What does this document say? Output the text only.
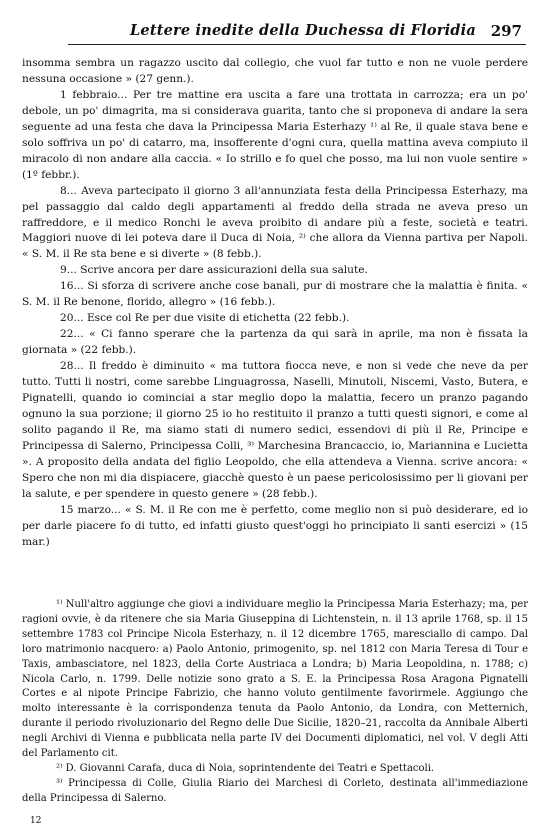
Lettere inedite della Duchessa di Floridia 297

insomma sembra un ragazzo uscito dal collegio, che vuol far tutto e non ne vuole perdere nessuna occasione » (27 genn.).

1 febbraio... Per tre mattine era uscita a fare una trottata in carrozza; era un po' debole, un po' dimagrita, ma si considerava guarita, tanto che si proponeva di andare la sera seguente ad una festa che dava la Principessa Maria Esterhazy ¹⁾ al Re, il quale stava bene e solo soffriva un po' di catarro, ma, insofferente d'ogni cura, quella mattina aveva compiuto il miracolo di non andare alla caccia. « Io strillo e fo quel che posso, ma lui non vuole sentire » (1º febbr.).

8... Aveva partecipato il giorno 3 all'annunziata festa della Principessa Esterhazy, ma pel passaggio dal caldo degli appartamenti al freddo della strada ne aveva preso un raffreddore, e il medico Ronchi le aveva proibito di andare più a feste, società e teatri. Maggiori nuove di lei poteva dare il Duca di Noia, ²⁾ che allora da Vienna partiva per Napoli. « S. M. il Re sta bene e si diverte » (8 febb.).

9... Scrive ancora per dare assicurazioni della sua salute.

16... Si sforza di scrivere anche cose banali, pur di mostrare che la malattia è finita. « S. M. il Re benone, florido, allegro » (16 febb.).

20... Esce col Re per due visite di etichetta (22 febb.).

22... « Ci fanno sperare che la partenza da qui sarà in aprile, ma non è fissata la giornata » (22 febb.).

28... Il freddo è diminuito « ma tuttora fiocca neve, e non si vede che neve da per tutto. Tutti li nostri, come sarebbe Linguagrossa, Naselli, Minutoli, Niscemi, Vasto, Butera, e Pignatelli, quando io cominciai a star meglio dopo la malattia, fecero un pranzo pagando ognuno la sua porzione; il giorno 25 io ho restituito il pranzo a tutti questi signori, e come al solito pagando il Re, ma siamo stati di numero sedici, essendovi di più il Re, Principe e Principessa di Salerno, Principessa Colli, ³⁾ Marchesina Brancaccio, io, Mariannina e Lucietta ». A proposito della andata del figlio Leopoldo, che ella attendeva a Vienna. scrive ancora: « Spero che non mi dia dispiacere, giacchè questo è un paese pericolosissimo per li giovani per la salute, e per spendere in questo genere » (28 febb.).

15 marzo... « S. M. il Re con me è perfetto, come meglio non si può desiderare, ed io per darle piacere fo di tutto, ed infatti giusto quest'oggi ho principiato li santi esercizi » (15 mar.)

¹⁾ Null'altro aggiunge che giovi a individuare meglio la Principessa Maria Esterhazy; ma, per ragioni ovvie, è da ritenere che sia Maria Giuseppina di Lichtenstein, n. il 13 aprile 1768, sp. il 15 settembre 1783 col Principe Nicola Esterhazy, n. il 12 dicembre 1765, maresciallo di campo. Dal loro matrimonio nacquero: a) Paolo Antonio, primogenito, sp. nel 1812 con Maria Teresa di Tour e Taxis, ambasciatore, nel 1823, della Corte Austriaca a Londra; b) Maria Leopoldina, n. 1788; c) Nicola Carlo, n. 1799. Delle notizie sono grato a S. E. la Principessa Rosa Aragona Pignatelli Cortes e al nipote Principe Fabrizio, che hanno voluto gentilmente favorirmele. Aggiungo che molto interessante è la corrispondenza tenuta da Paolo Antonio, da Londra, con Metternich, durante il periodo rivoluzionario del Regno delle Due Sicilie, 1820–21, raccolta da Annibale Alberti negli Archivi di Vienna e pubblicata nella parte IV dei Documenti diplomatici, nel vol. V degli Atti del Parlamento cit.

²⁾ D. Giovanni Carafa, duca di Noia, soprintendente dei Teatri e Spettacoli.

³⁾ Principessa di Colle, Giulia Riario dei Marchesi di Corleto, destinata all'immediazione della Principessa di Salerno.

12
